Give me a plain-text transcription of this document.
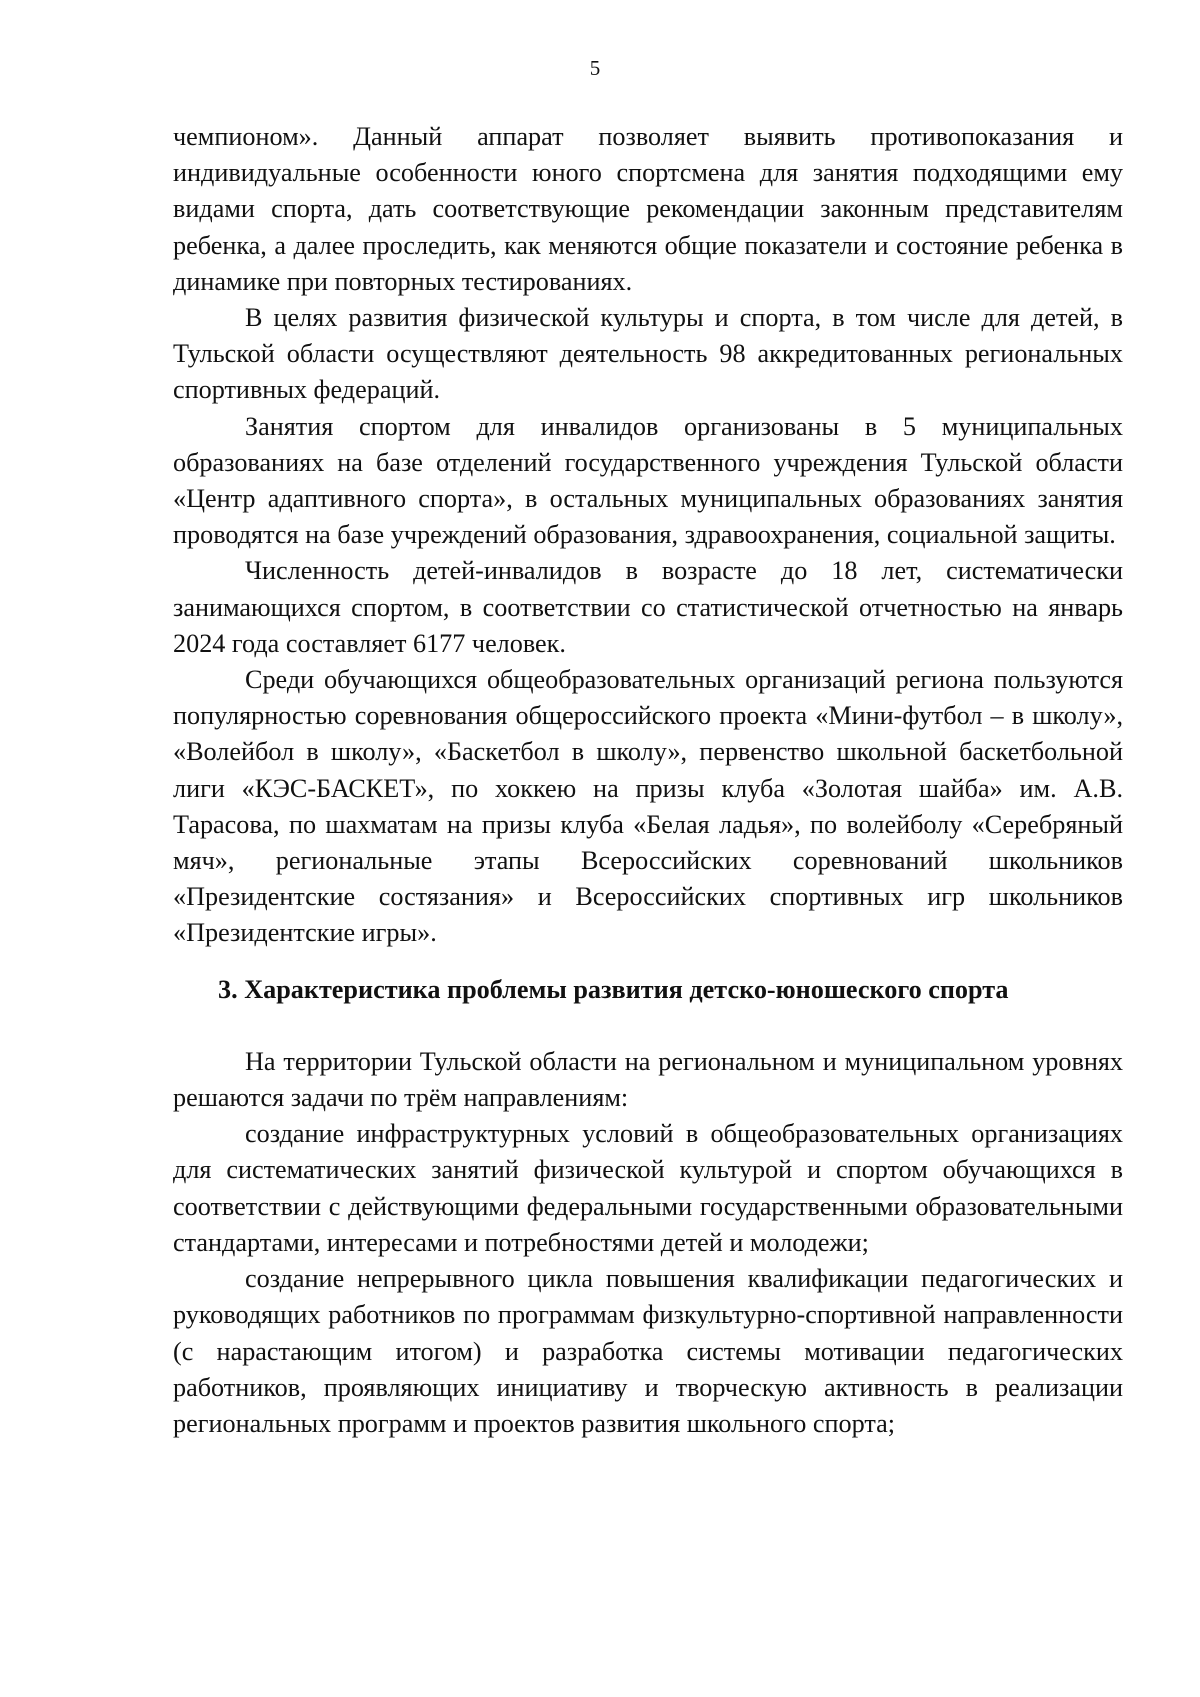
5

чемпионом». Данный аппарат позволяет выявить противопоказания и индивидуальные особенности юного спортсмена для занятия подходящими ему видами спорта, дать соответствующие рекомендации законным представителям ребенка, а далее проследить, как меняются общие показатели и состояние ребенка в динамике при повторных тестированиях.

В целях развития физической культуры и спорта, в том числе для детей, в Тульской области осуществляют деятельность 98 аккредитованных региональных спортивных федераций.

Занятия спортом для инвалидов организованы в 5 муниципальных образованиях на базе отделений государственного учреждения Тульской области «Центр адаптивного спорта», в остальных муниципальных образованиях занятия проводятся на базе учреждений образования, здравоохранения, социальной защиты.

Численность детей-инвалидов в возрасте до 18 лет, систематически занимающихся спортом, в соответствии со статистической отчетностью на январь 2024 года составляет 6177 человек.

Среди обучающихся общеобразовательных организаций региона пользуются популярностью соревнования общероссийского проекта «Мини-футбол – в школу», «Волейбол в школу», «Баскетбол в школу», первенство школьной баскетбольной лиги «КЭС-БАСКЕТ», по хоккею на призы клуба «Золотая шайба» им. А.В. Тарасова, по шахматам на призы клуба «Белая ладья», по волейболу «Серебряный мяч», региональные этапы Всероссийских соревнований школьников «Президентские состязания» и Всероссийских спортивных игр школьников «Президентские игры».

3. Характеристика проблемы развития детско-юношеского спорта

На территории Тульской области на региональном и муниципальном уровнях решаются задачи по трём направлениям:

создание инфраструктурных условий в общеобразовательных организациях для систематических занятий физической культурой и спортом обучающихся в соответствии с действующими федеральными государственными образовательными стандартами, интересами и потребностями детей и молодежи;

создание непрерывного цикла повышения квалификации педагогических и руководящих работников по программам физкультурно-спортивной направленности (с нарастающим итогом) и разработка системы мотивации педагогических работников, проявляющих инициативу и творческую активность в реализации региональных программ и проектов развития школьного спорта;
